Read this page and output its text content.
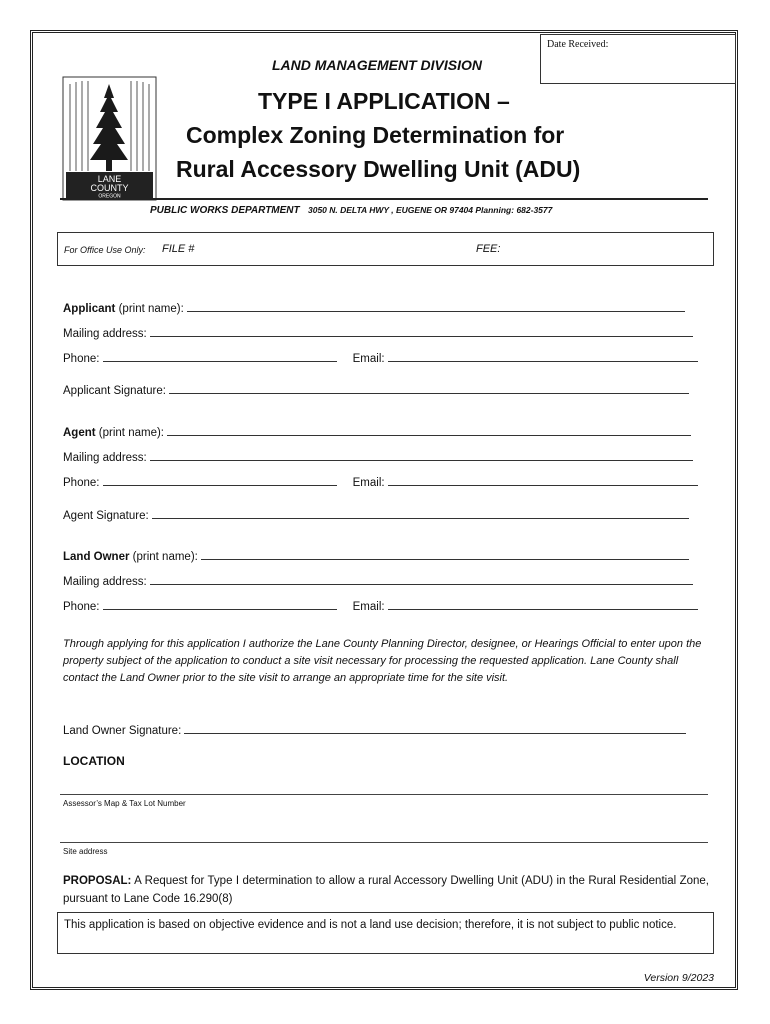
Date Received:
LAND MANAGEMENT DIVISION
LANE
COUNTY
OREGON
TYPE I APPLICATION –
Complex Zoning Determination for
Rural Accessory Dwelling Unit (ADU)
PUBLIC WORKS DEPARTMENT 3050 N. DELTA HWY , EUGENE OR 97404 Planning: 682-3577
For Office Use Only: FILE #	FEE:
Applicant (print name):
Mailing address:
Phone:	Email:
Applicant Signature:
Agent (print name):
Mailing address:
Phone:	Email:
Agent Signature:
Land Owner (print name):
Mailing address:
Phone:	Email:
Through applying for this application I authorize the Lane County Planning Director, designee, or Hearings Official to enter upon the property subject of the application to conduct a site visit necessary for processing the requested application. Lane County shall contact the Land Owner prior to the site visit to arrange an appropriate time for the site visit.
Land Owner Signature:
LOCATION
Assessor’s Map & Tax Lot Number
Site address
PROPOSAL: A Request for Type I determination to allow a rural Accessory Dwelling Unit (ADU) in the Rural Residential Zone, pursuant to Lane Code 16.290(8)
This application is based on objective evidence and is not a land use decision; therefore, it is not subject to public notice.
Version 9/2023
